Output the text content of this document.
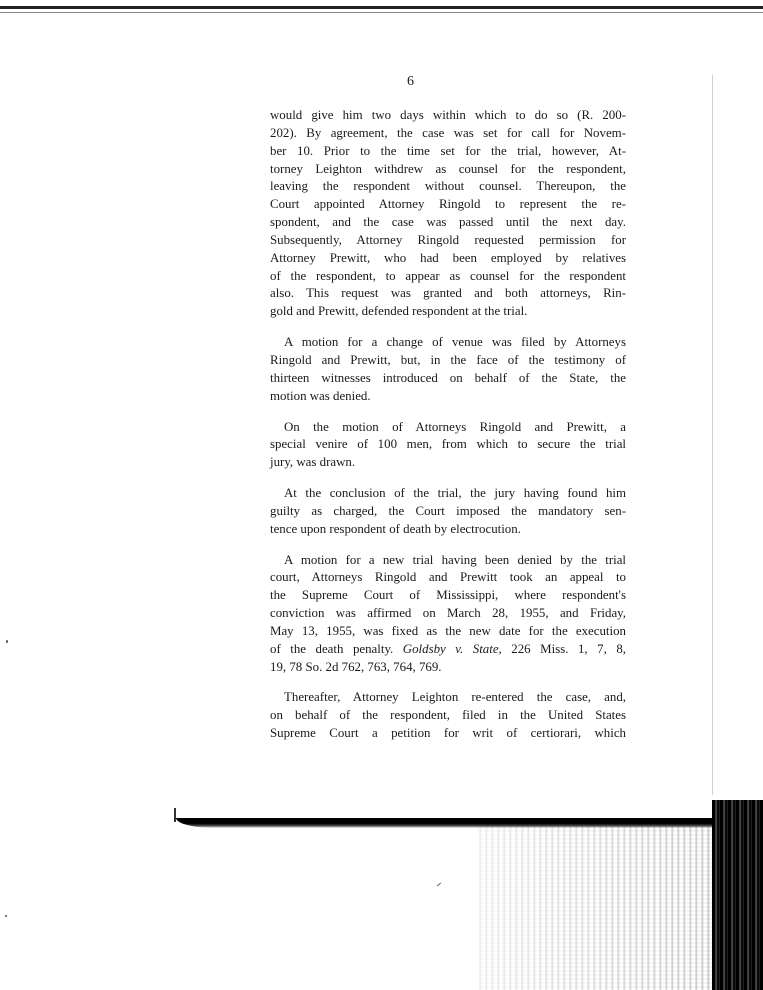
6
would give him two days within which to do so (R. 200-
202). By agreement, the case was set for call for Novem-
ber 10. Prior to the time set for the trial, however, At-
torney Leighton withdrew as counsel for the respondent,
leaving the respondent without counsel. Thereupon, the
Court appointed Attorney Ringold to represent the re-
spondent, and the case was passed until the next day.
Subsequently, Attorney Ringold requested permission for
Attorney Prewitt, who had been employed by relatives
of the respondent, to appear as counsel for the respondent
also. This request was granted and both attorneys, Rin-
gold and Prewitt, defended respondent at the trial.
A motion for a change of venue was filed by Attorneys
Ringold and Prewitt, but, in the face of the testimony of
thirteen witnesses introduced on behalf of the State, the
motion was denied.
On the motion of Attorneys Ringold and Prewitt, a
special venire of 100 men, from which to secure the trial
jury, was drawn.
At the conclusion of the trial, the jury having found him
guilty as charged, the Court imposed the mandatory sen-
tence upon respondent of death by electrocution.
A motion for a new trial having been denied by the trial
court, Attorneys Ringold and Prewitt took an appeal to
the Supreme Court of Mississippi, where respondent's
conviction was affirmed on March 28, 1955, and Friday,
May 13, 1955, was fixed as the new date for the execution
of the death penalty. Goldsby v. State, 226 Miss. 1, 7, 8,
19, 78 So. 2d 762, 763, 764, 769.
Thereafter, Attorney Leighton re-entered the case, and,
on behalf of the respondent, filed in the United States
Supreme Court a petition for writ of certiorari, which
